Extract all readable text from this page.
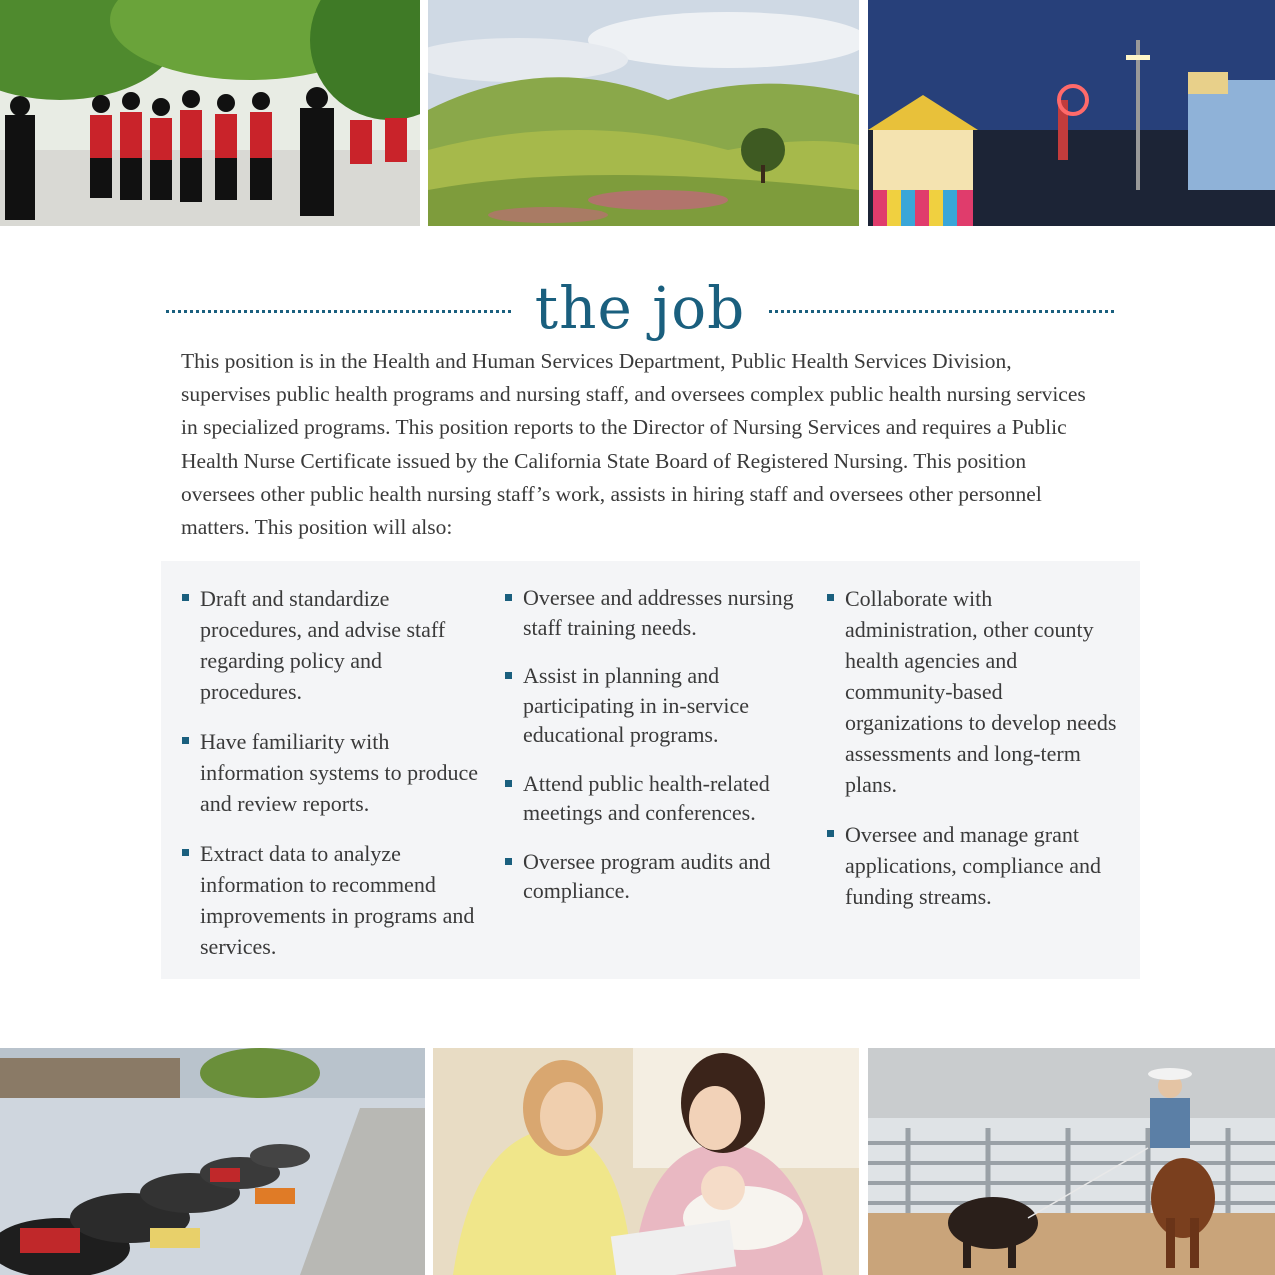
the job

This position is in the Health and Human Services Department, Public Health Services Division, supervises public health programs and nursing staff, and oversees complex public health nursing services in specialized programs. This position reports to the Director of Nursing Services and requires a Public Health Nurse Certificate issued by the California State Board of Registered Nursing. This position oversees other public health nursing staff’s work, assists in hiring staff and oversees other personnel matters. This position will also:

Draft and standardize procedures, and advise staff regarding policy and procedures.
Have familiarity with information systems to produce and review reports.
Extract data to analyze information to recommend improvements in programs and services.
Oversee and addresses nursing staff training needs.
Assist in planning and participating in in-service educational programs.
Attend public health-related meetings and conferences.
Oversee program audits and compliance.
Collaborate with administration, other county health agencies and community-based organizations to develop needs assessments and long-term plans.
Oversee and manage grant applications, compliance and funding streams.
